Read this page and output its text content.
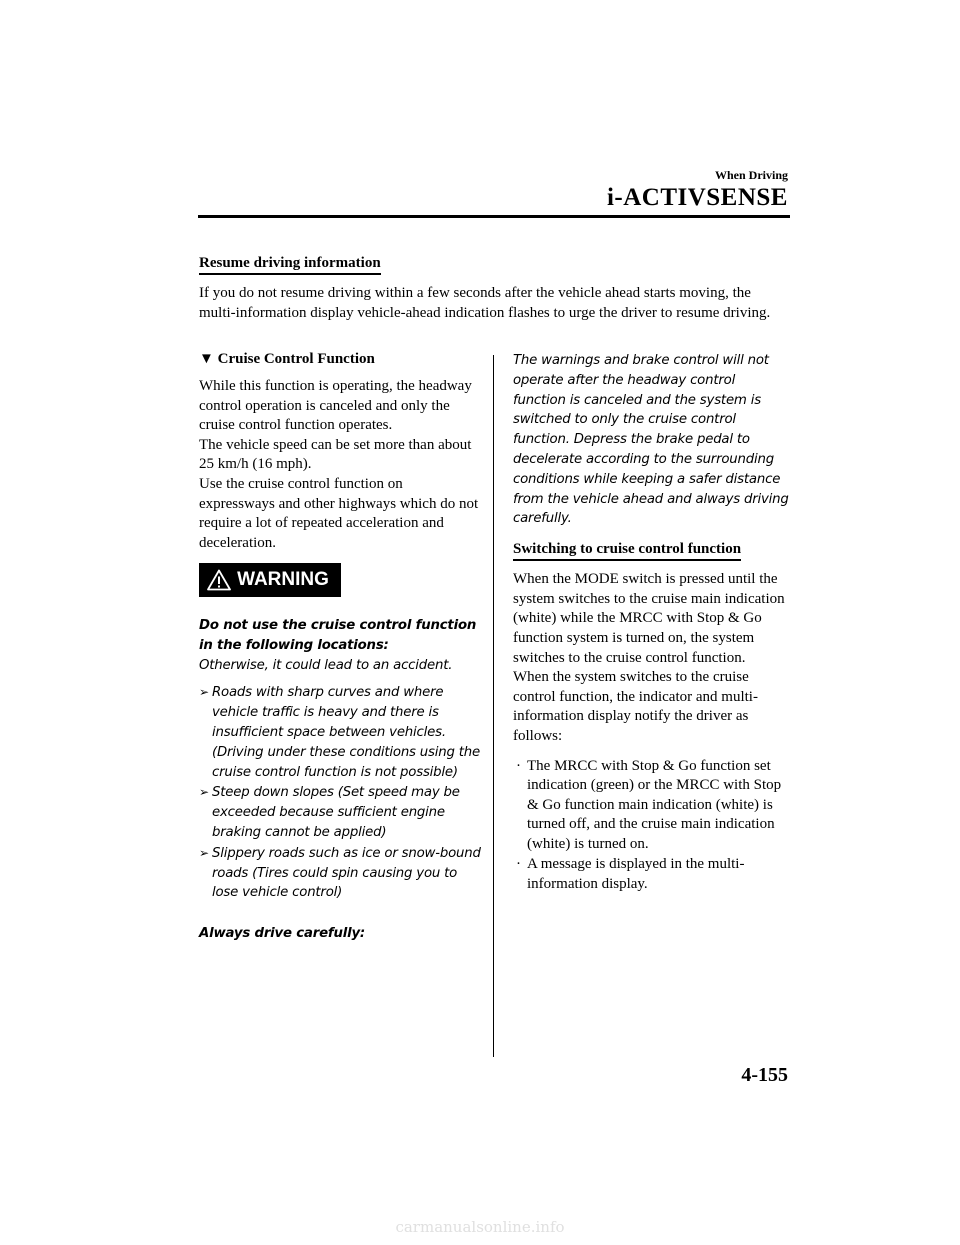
When Driving
i-ACTIVSENSE
Resume driving information
If you do not resume driving within a few seconds after the vehicle ahead starts moving, the multi-information display vehicle-ahead indication flashes to urge the driver to resume driving.
▼ Cruise Control Function
While this function is operating, the headway control operation is canceled and only the cruise control function operates.
The vehicle speed can be set more than about 25 km/h (16 mph).
Use the cruise control function on expressways and other highways which do not require a lot of repeated acceleration and deceleration.
WARNING
Do not use the cruise control function in the following locations:
Otherwise, it could lead to an accident.
➢ Roads with sharp curves and where vehicle traffic is heavy and there is insufficient space between vehicles. (Driving under these conditions using the cruise control function is not possible)
➢ Steep down slopes (Set speed may be exceeded because sufficient engine braking cannot be applied)
➢ Slippery roads such as ice or snow-bound roads (Tires could spin causing you to lose vehicle control)
Always drive carefully:
The warnings and brake control will not operate after the headway control function is canceled and the system is switched to only the cruise control function. Depress the brake pedal to decelerate according to the surrounding conditions while keeping a safer distance from the vehicle ahead and always driving carefully.
Switching to cruise control function
When the MODE switch is pressed until the system switches to the cruise main indication (white) while the MRCC with Stop & Go function system is turned on, the system switches to the cruise control function.
When the system switches to the cruise control function, the indicator and multi-information display notify the driver as follows:
· The MRCC with Stop & Go function set indication (green) or the MRCC with Stop & Go function main indication (white) is turned off, and the cruise main indication (white) is turned on.
· A message is displayed in the multi-information display.
4-155
carmanualsonline.info
